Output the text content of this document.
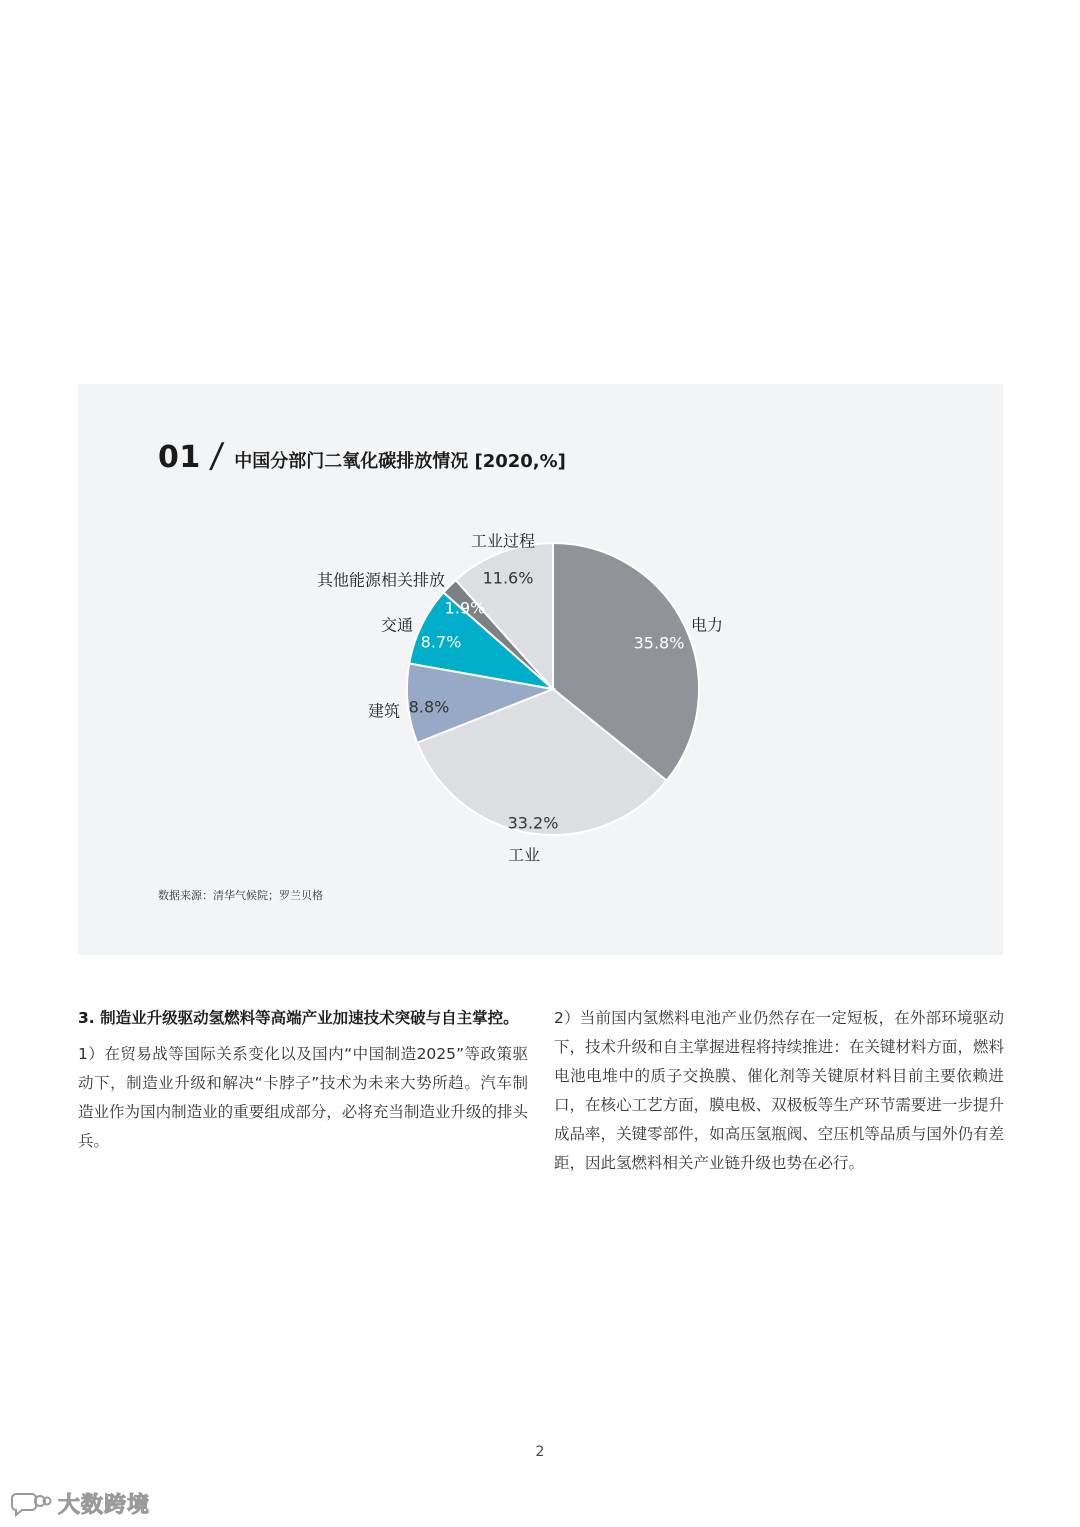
01 / 中国分部门二氧化碳排放情况 [2020,%]
35.8%
电力
33.2%
工业
8.8%
建筑
8.7%
交通
1.9%
其他能源相关排放 11.6%
工业过程
数据来源：清华气候院；罗兰贝格

3. 制造业升级驱动氢燃料等高端产业加速技术突破与自主掌控。

1）在贸易战等国际关系变化以及国内“中国制造2025”等政策驱动下，制造业升级和解决“卡脖子”技术为未来大势所趋。汽车制造业作为国内制造业的重要组成部分，必将充当制造业升级的排头兵。

2）当前国内氢燃料电池产业仍然存在一定短板，在外部环境驱动下，技术升级和自主掌握进程将持续推进：在关键材料方面，燃料电池电堆中的质子交换膜、催化剂等关键原材料目前主要依赖进口，在核心工艺方面，膜电极、双极板等生产环节需要进一步提升成品率，关键零部件，如高压氢瓶阀、空压机等品质与国外仍有差距，因此氢燃料相关产业链升级也势在必行。

2
大数跨境
